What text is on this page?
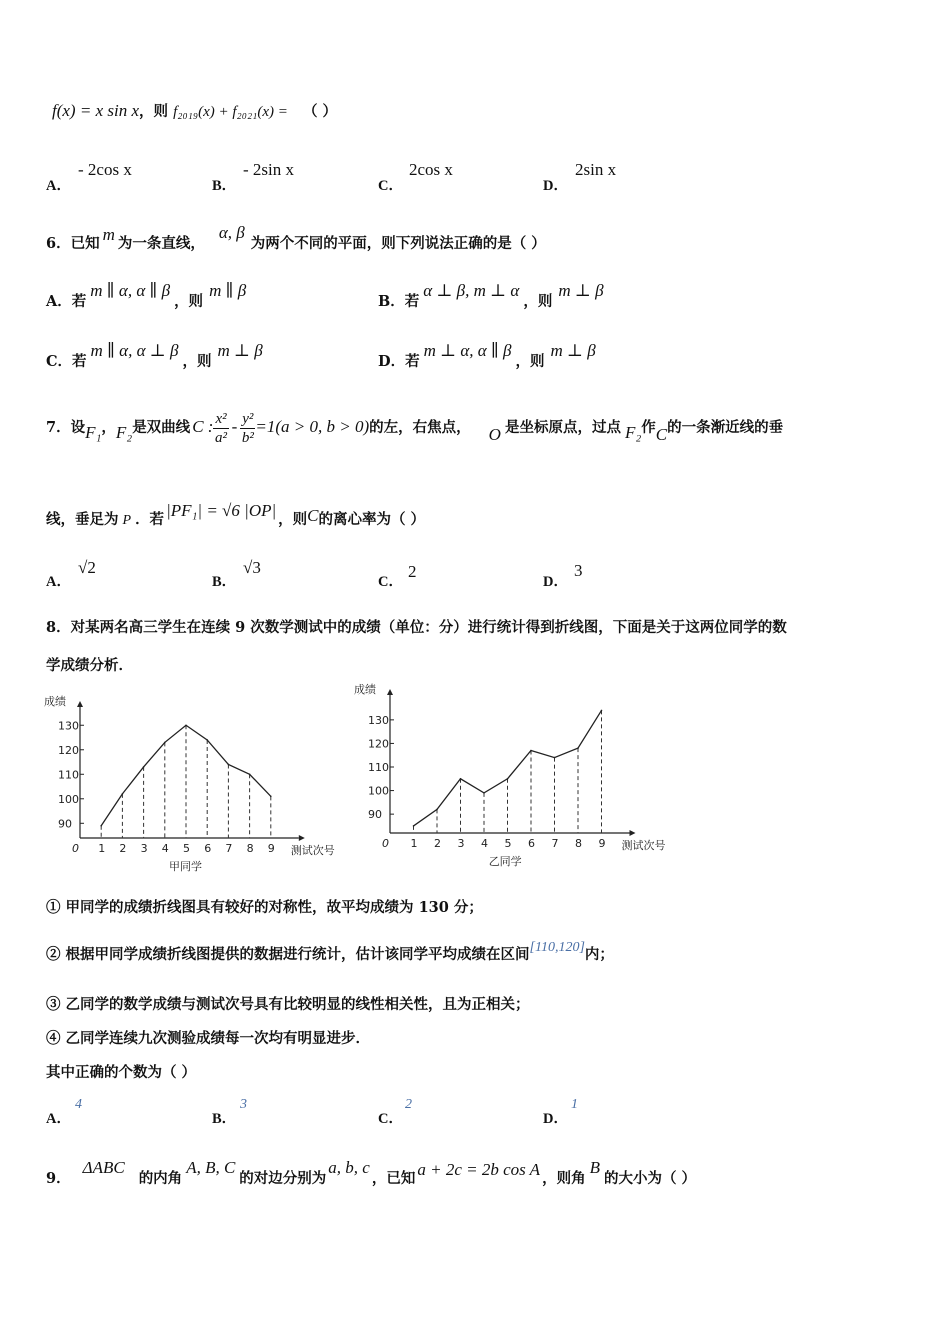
f(x) = x sin x，则 f₂₀₁₉(x) + f₂₀₂₁(x) = （ ）
A．
- 2cos x
B．
- 2sin x
C．
2cos x
D．
2sin x
6．已知 m 为一条直线，α, β为两个不同的平面，则下列说法正确的是（ ）
A．若m ∥ α, α ∥ β，则m ∥ β
B．若α ⊥ β, m ⊥ α，则m ⊥ β
C．若m ∥ α, α ⊥ β，则m ⊥ β
D．若m ⊥ α, α ∥ β，则m ⊥ β
7．设F₁，F₂是双曲线 C : $\frac{\text{x²}}{\text{a²}} - \frac{\text{y²}}{\text{b²}} =1(a > 0$, b > 0)的左，右焦点， O 是坐标原点，过点 F₂作C的一条渐近线的垂
线，垂足为 P ．若 |PF₁| = √6 |OP| ，则C的离心率为（ ）
A．
√2
B．
√3
C．
2
D．
3
8．对某两名高三学生在连续 9 次数学测试中的成绩（单位：分）进行统计得到折线图，下面是关于这两位同学的数
学成绩分析．
成绩
测试次号
甲同学
0
90
100
110
120
130
1 2 3 4 5 6 7 8 9
成绩
测试次号
乙同学
0
90
100
110
120
130
1 2 3 4 5 6 7 8 9
① 甲同学的成绩折线图具有较好的对称性，故平均成绩为 130 分；
② 根据甲同学成绩折线图提供的数据进行统计，估计该同学平均成绩在区间[110,120]内；
③ 乙同学的数学成绩与测试次号具有比较明显的线性相关性，且为正相关；
④ 乙同学连续九次测验成绩每一次均有明显进步．
其中正确的个数为（ ）
A．
4
B．
3
C．
2
D．
1
9．ΔABC的内角A, B, C的对边分别为a, b, c，已知 a + 2c = 2b cos A ，则角B的大小为（ ）
